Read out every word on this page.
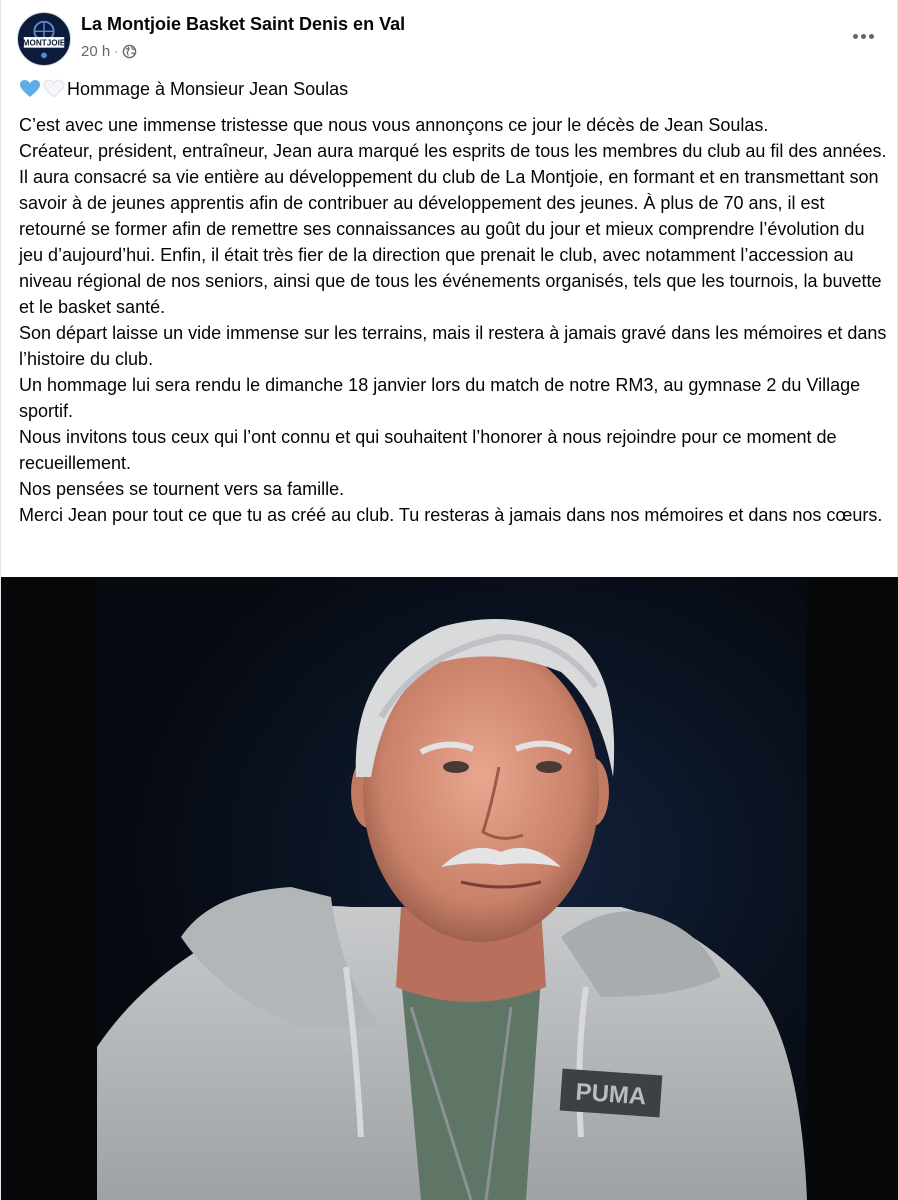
MONTJOIE
La Montjoie Basket Saint Denis en Val
20 h ·
Hommage à Monsieur Jean Soulas
C’est avec une immense tristesse que nous vous annonçons ce jour le décès de Jean Soulas.
Créateur, président, entraîneur, Jean aura marqué les esprits de tous les membres du club au fil des années. Il aura consacré sa vie entière au développement du club de La Montjoie, en formant et en transmettant son savoir à de jeunes apprentis afin de contribuer au développement des jeunes. À plus de 70 ans, il est retourné se former afin de remettre ses connaissances au goût du jour et mieux comprendre l’évolution du jeu d’aujourd’hui. Enfin, il était très fier de la direction que prenait le club, avec notamment l’accession au niveau régional de nos seniors, ainsi que de tous les événements organisés, tels que les tournois, la buvette et le basket santé.
Son départ laisse un vide immense sur les terrains, mais il restera à jamais gravé dans les mémoires et dans l’histoire du club.
Un hommage lui sera rendu le dimanche 18 janvier lors du match de notre RM3, au gymnase 2 du Village sportif.
Nous invitons tous ceux qui l’ont connu et qui souhaitent l’honorer à nous rejoindre pour ce moment de recueillement.
Nos pensées se tournent vers sa famille.
Merci Jean pour tout ce que tu as créé au club. Tu resteras à jamais dans nos mémoires et dans nos cœurs.
PUMA
